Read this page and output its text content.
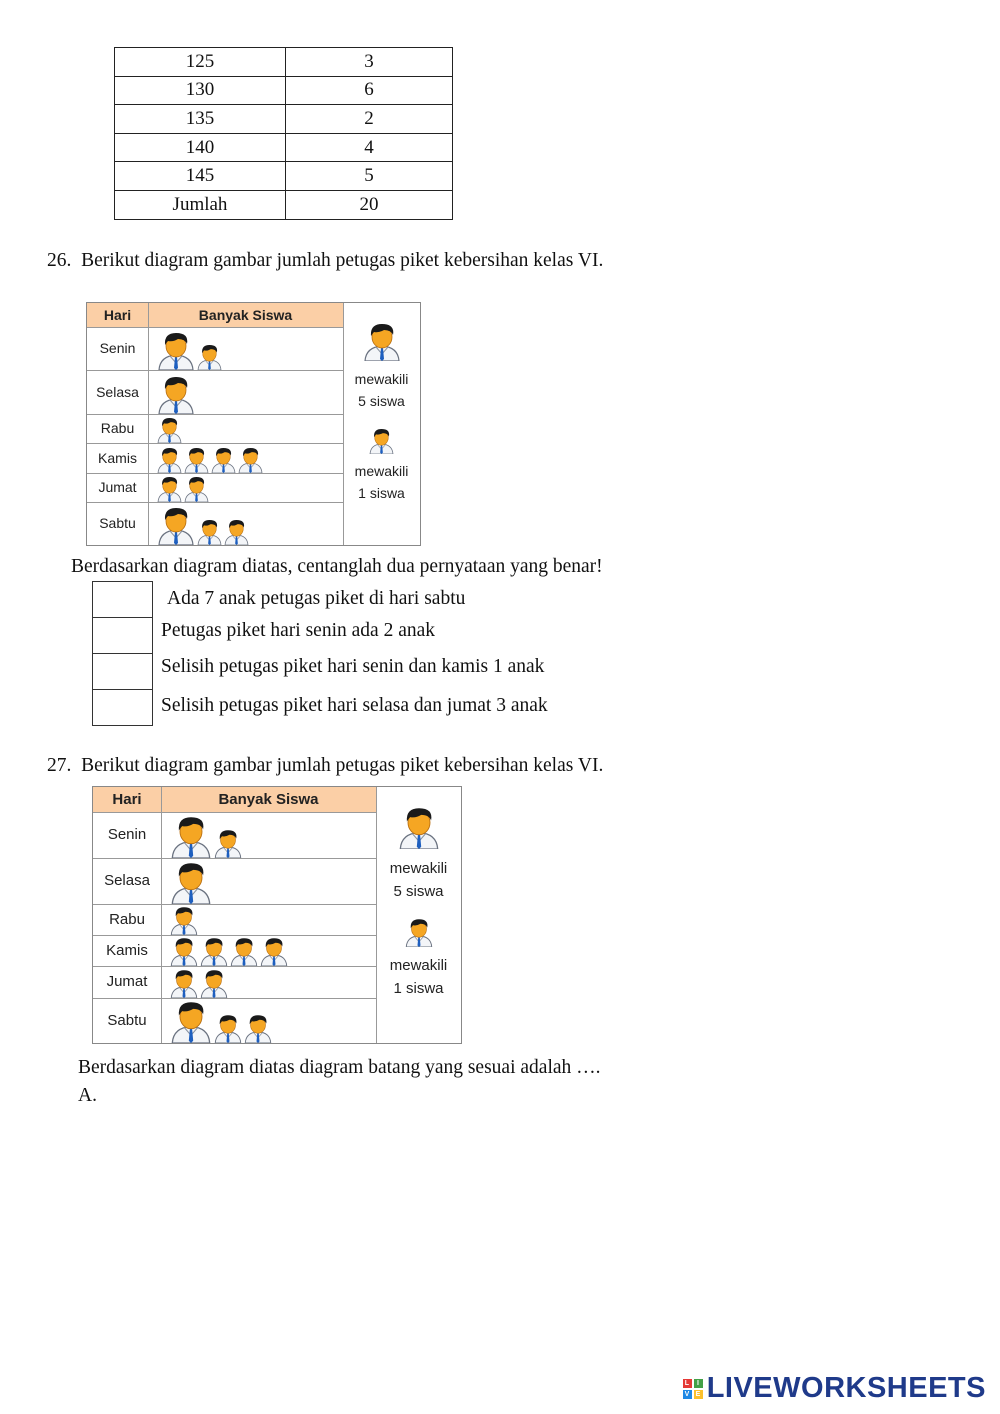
125	3
130	6
135	2
140	4
145	5
Jumlah	20
26. Berikut diagram gambar jumlah petugas piket kebersihan kelas VI.
Hari	Banyak Siswa
Senin
Selasa
Rabu
Kamis
Jumat
Sabtu
mewakili
5 siswa
mewakili
1 siswa
Berdasarkan diagram diatas, centanglah dua pernyataan yang benar!
Ada 7 anak petugas piket di hari sabtu
Petugas piket hari senin ada 2 anak
Selisih petugas piket hari senin dan kamis 1 anak
Selisih petugas piket hari selasa dan jumat 3 anak
27. Berikut diagram gambar jumlah petugas piket kebersihan kelas VI.
Hari	Banyak Siswa
Senin
Selasa
Rabu
Kamis
Jumat
Sabtu
mewakili
5 siswa
mewakili
1 siswa
Berdasarkan diagram diatas diagram batang yang sesuai adalah ….
A.
L	I
V E LIVEWORKSHEETS
